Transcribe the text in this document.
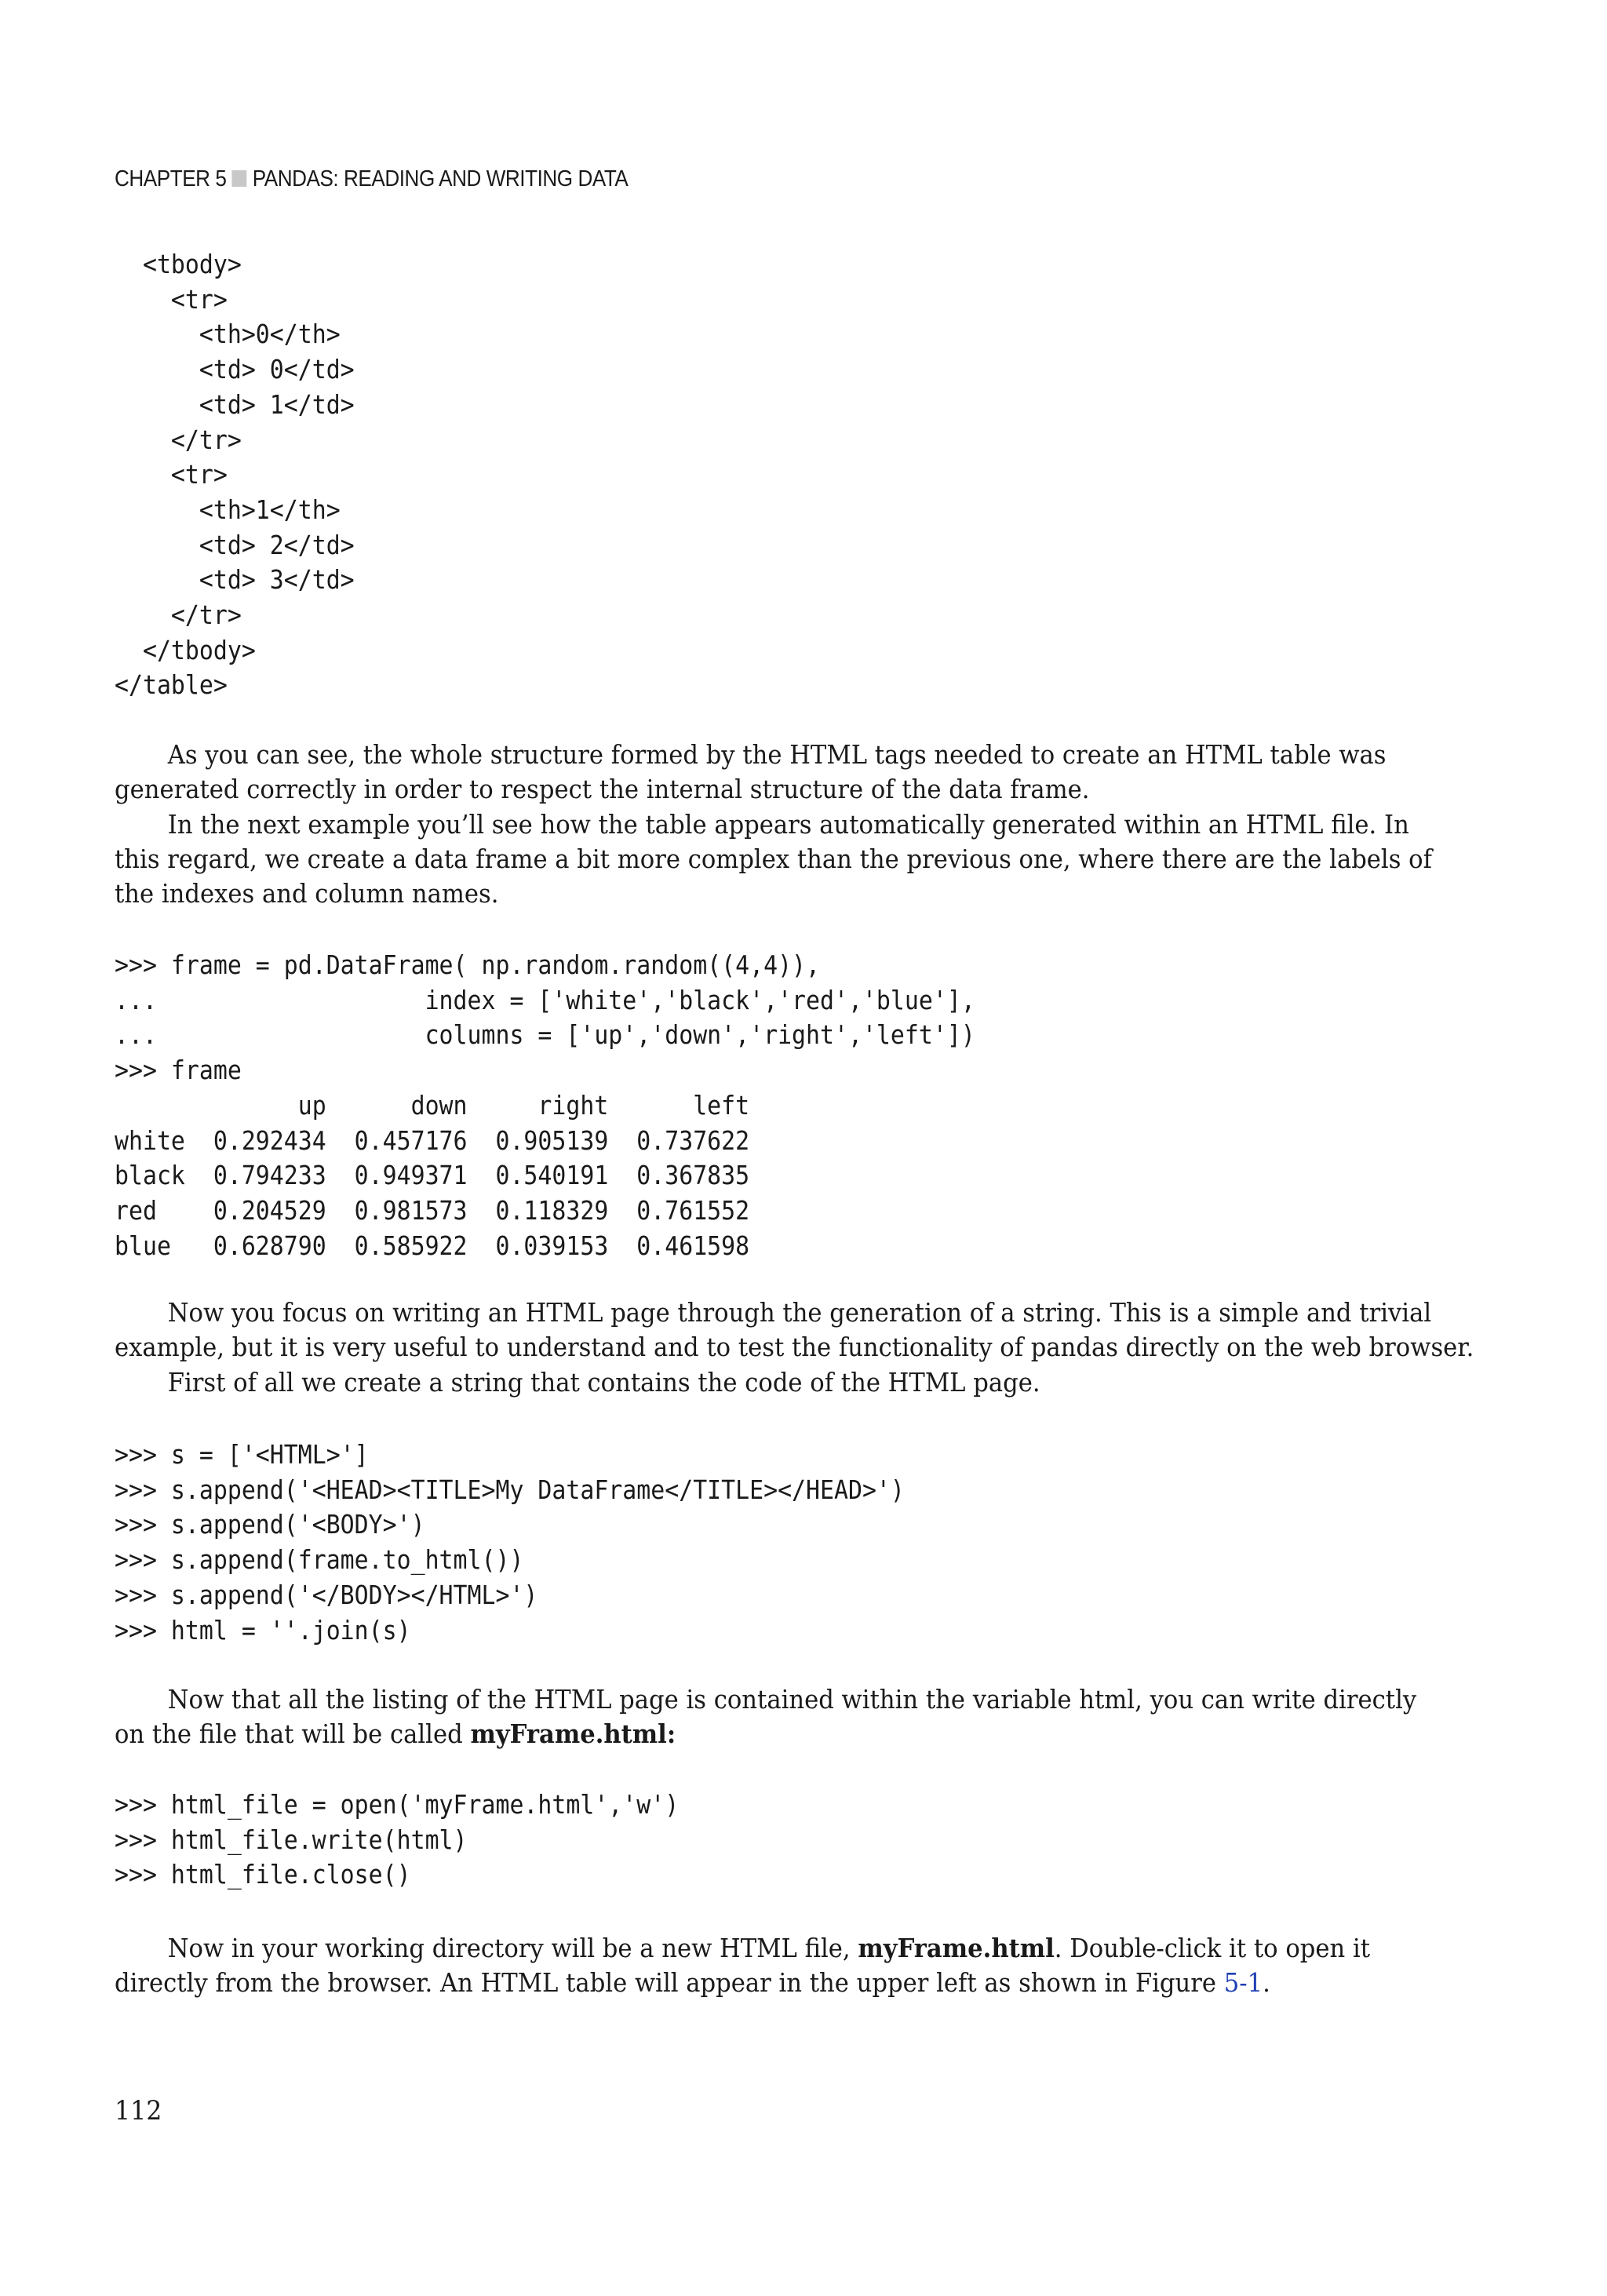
CHAPTER 5 PANDAS: READING AND WRITING DATA
<tbody>
<tr>
<th>0</th>
<td> 0</td>
<td> 1</td>
</tr>
<tr>
<th>1</th>
<td> 2</td>
<td> 3</td>
</tr>
</tbody>
</table>
As you can see, the whole structure formed by the HTML tags needed to create an HTML table was
generated correctly in order to respect the internal structure of the data frame.
In the next example you’ll see how the table appears automatically generated within an HTML file. In
this regard, we create a data frame a bit more complex than the previous one, where there are the labels of
the indexes and column names.
>>> frame = pd.DataFrame( np.random.random((4,4)),
...                   index = ['white','black','red','blue'],
...                   columns = ['up','down','right','left'])
>>> frame
up      down     right      left
white  0.292434  0.457176  0.905139  0.737622
black  0.794233  0.949371  0.540191  0.367835
red    0.204529  0.981573  0.118329  0.761552
blue   0.628790  0.585922  0.039153  0.461598
Now you focus on writing an HTML page through the generation of a string. This is a simple and trivial
example, but it is very useful to understand and to test the functionality of pandas directly on the web browser.
First of all we create a string that contains the code of the HTML page.
>>> s = ['<HTML>']
>>> s.append('<HEAD><TITLE>My DataFrame</TITLE></HEAD>')
>>> s.append('<BODY>')
>>> s.append(frame.to_html())
>>> s.append('</BODY></HTML>')
>>> html = ''.join(s)
Now that all the listing of the HTML page is contained within the variable html, you can write directly
on the file that will be called myFrame.html:
>>> html_file = open('myFrame.html','w')
>>> html_file.write(html)
>>> html_file.close()
Now in your working directory will be a new HTML file, myFrame.html. Double-click it to open it
directly from the browser. An HTML table will appear in the upper left as shown in Figure 5-1.
112
